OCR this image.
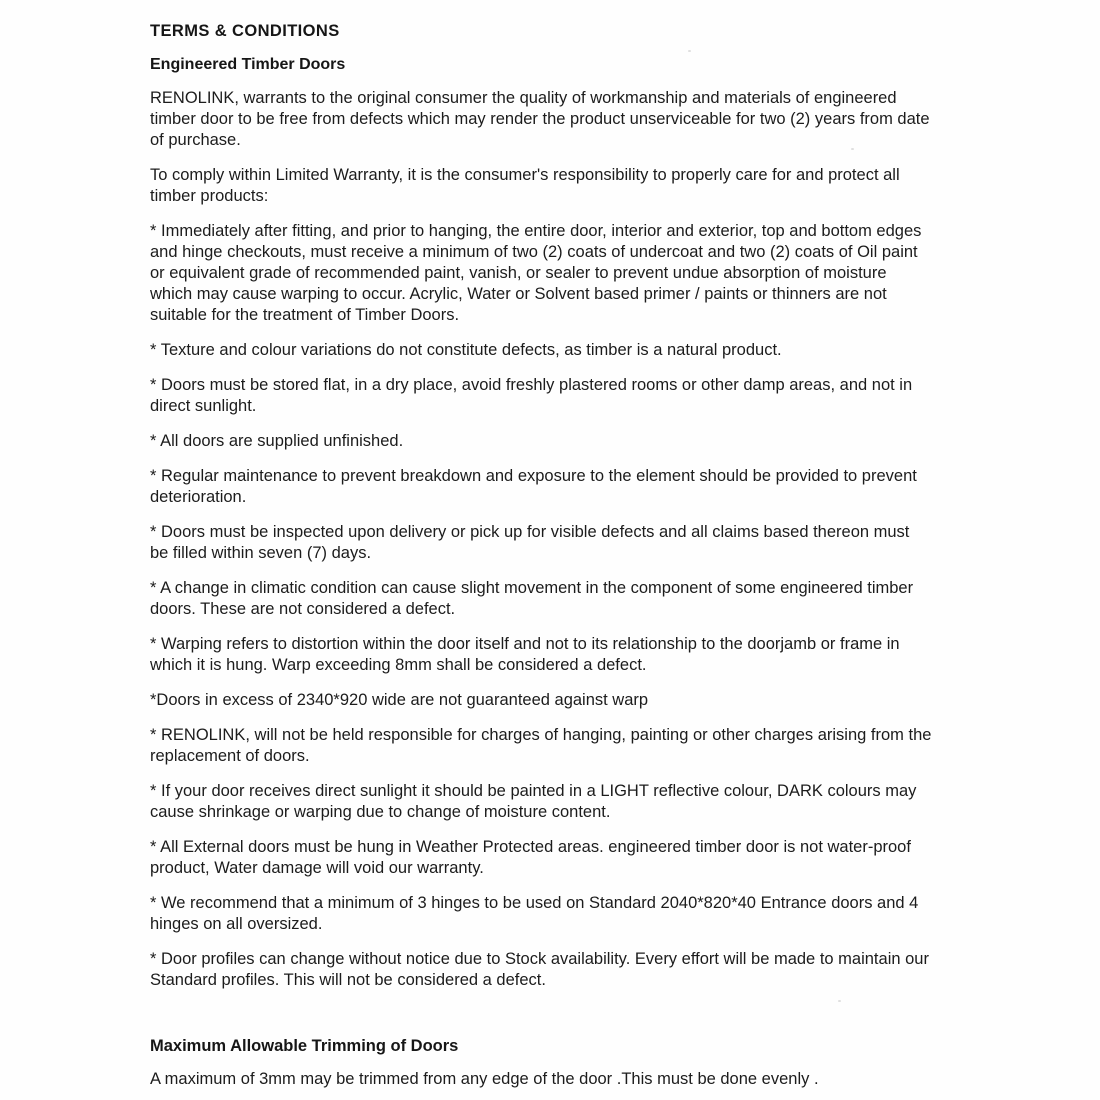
TERMS & CONDITIONS
Engineered Timber Doors

RENOLINK, warrants to the original consumer the quality of workmanship and materials of engineered timber door to be free from defects which may render the product unserviceable for two (2) years from date of purchase.

To comply within Limited Warranty, it is the consumer's responsibility to properly care for and protect all timber products:

* Immediately after fitting, and prior to hanging, the entire door, interior and exterior, top and bottom edges and hinge checkouts, must receive a minimum of two (2) coats of undercoat and two (2) coats of Oil paint or equivalent grade of recommended paint, vanish, or sealer to prevent undue absorption of moisture which may cause warping to occur. Acrylic, Water or Solvent based primer / paints or thinners are not suitable for the treatment of Timber Doors.

* Texture and colour variations do not constitute defects, as timber is a natural product.

* Doors must be stored flat, in a dry place, avoid freshly plastered rooms or other damp areas, and not in direct sunlight.

* All doors are supplied unfinished.

* Regular maintenance to prevent breakdown and exposure to the element should be provided to prevent deterioration.

* Doors must be inspected upon delivery or pick up for visible defects and all claims based thereon must be filled within seven (7) days.

* A change in climatic condition can cause slight movement in the component of some engineered timber doors. These are not considered a defect.

* Warping refers to distortion within the door itself and not to its relationship to the doorjamb or frame in which it is hung. Warp exceeding 8mm shall be considered a defect.

*Doors in excess of 2340*920 wide are not guaranteed against warp

* RENOLINK, will not be held responsible for charges of hanging, painting or other charges arising from the replacement of doors.

* If your door receives direct sunlight it should be painted in a LIGHT reflective colour, DARK colours may cause shrinkage or warping due to change of moisture content.

* All External doors must be hung in Weather Protected areas. engineered timber door is not water-proof product, Water damage will void our warranty.

* We recommend that a minimum of 3 hinges to be used on Standard 2040*820*40 Entrance doors and 4 hinges on all oversized.

* Door profiles can change without notice due to Stock availability. Every effort will be made to maintain our Standard profiles. This will not be considered a defect.

Maximum Allowable Trimming of Doors

A maximum of 3mm may be trimmed from any edge of the door .This must be done evenly .
